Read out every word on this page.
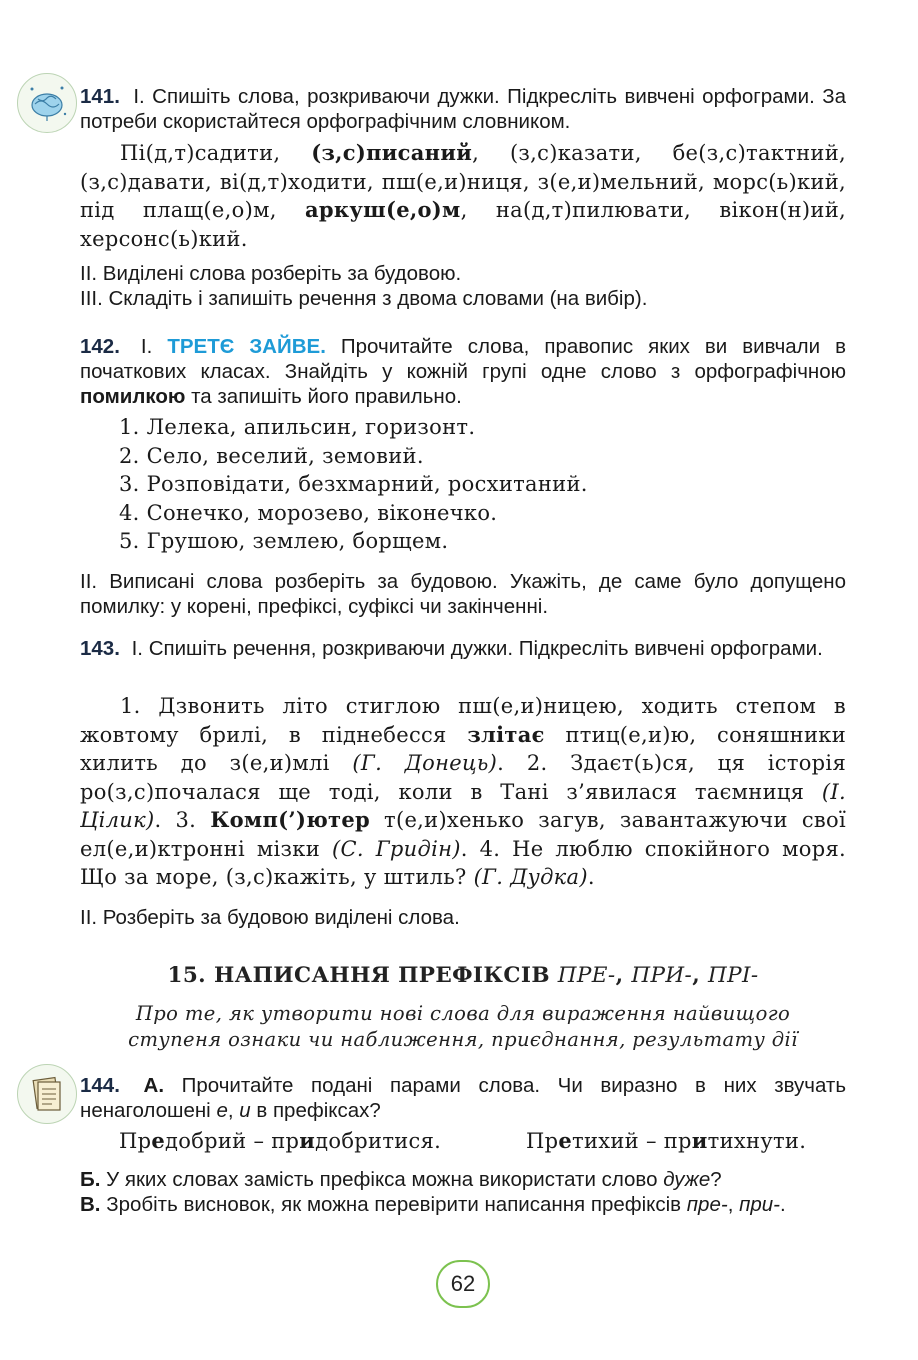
141. І. Спишіть слова, розкриваючи дужки. Підкресліть вивчені орфограми. За потреби скористайтеся орфографічним словником.
Пі(д,т)садити, (з,с)писаний, (з,с)казати, бе(з,с)тактний, (з,с)давати, ві(д,т)ходити, пш(е,и)ниця, з(е,и)мельний, морс(ь)кий, під плащ(е,о)м, аркуш(е,о)м, на(д,т)пилювати, вікон(н)ий, херсонс(ь)кий.
ІІ. Виділені слова розберіть за будовою.
ІІІ. Складіть і запишіть речення з двома словами (на вибір).
142. І. ТРЕТЄ ЗАЙВЕ. Прочитайте слова, правопис яких ви вивчали в початкових класах. Знайдіть у кожній групі одне слово з орфографічною помилкою та запишіть його правильно.
1. Лелека, апильсин, горизонт.
2. Село, веселий, земовий.
3. Розповідати, безхмарний, росхитаний.
4. Сонечко, морозево, віконечко.
5. Грушою, землею, борщем.
ІІ. Виписані слова розберіть за будовою. Укажіть, де саме було допущено помилку: у корені, префіксі, суфіксі чи закінченні.
143. І. Спишіть речення, розкриваючи дужки. Підкресліть вивчені орфограми.
1. Дзвонить літо стиглою пш(е,и)ницею, ходить степом в жовтому брилі, в піднебесся злітає птиц(е,и)ю, соняшники хилить до з(е,и)млі (Г. Донець). 2. Здаєт(ь)ся, ця історія ро(з,с)почалася ще тоді, коли в Тані з’явилася таємниця (І. Цілик). 3. Комп(’)ютер т(е,и)хенько загув, завантажуючи свої ел(е,и)ктронні мізки (С. Гридін). 4. Не люблю спокійного моря. Що за море, (з,с)кажіть, у штиль? (Г. Дудка).
ІІ. Розберіть за будовою виділені слова.
15. НАПИСАННЯ ПРЕФІКСІВ ПРЕ-, ПРИ-, ПРІ-
Про те, як утворити нові слова для вираження найвищого ступеня ознаки чи наближення, приєднання, результату дії
144. А. Прочитайте подані парами слова. Чи виразно в них звучать ненаголошені е, и в префіксах?
Предобрий – придобритися.	Претихий – притихнути.
Б. У яких словах замість префікса можна використати слово дуже?
В. Зробіть висновок, як можна перевірити написання префіксів пре-, при-.
62
